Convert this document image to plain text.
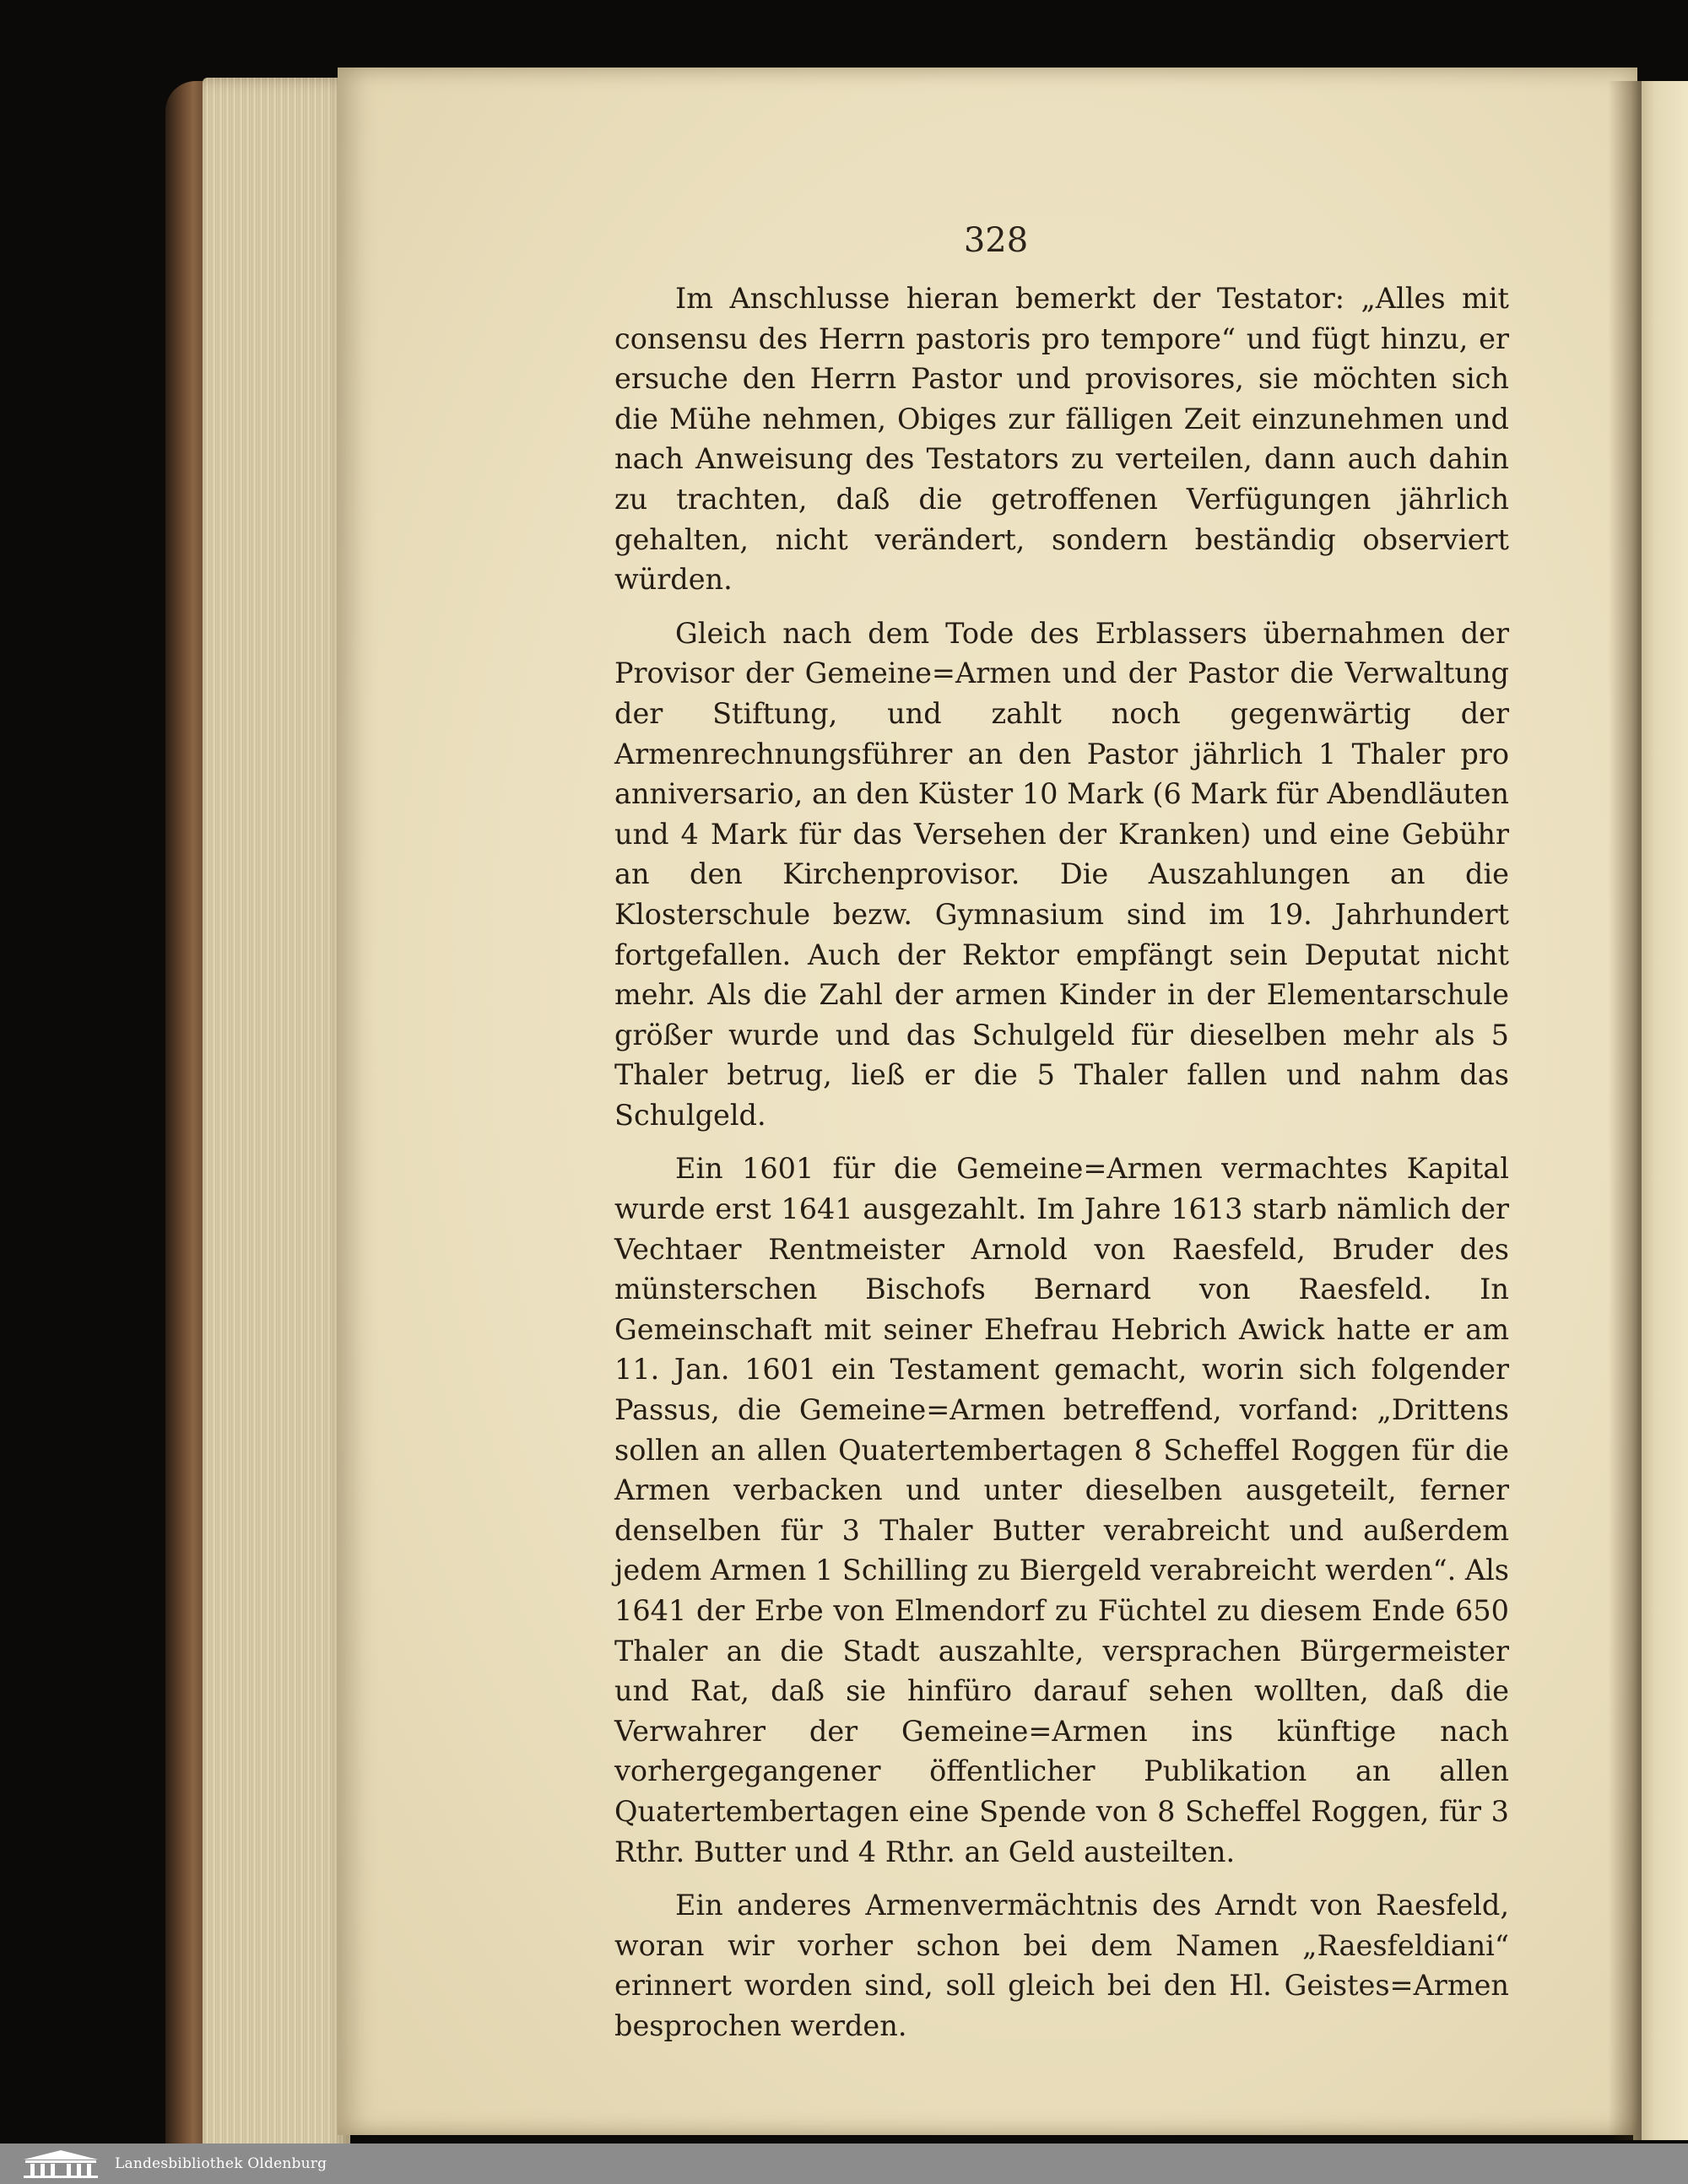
328

Im Anschlusse hieran bemerkt der Testator: „Alles mit consensu des Herrn pastoris pro tempore“ und fügt hinzu, er ersuche den Herrn Pastor und provisores, sie möchten sich die Mühe nehmen, Obiges zur fälligen Zeit einzunehmen und nach Anweisung des Testators zu verteilen, dann auch dahin zu trachten, daß die getroffenen Verfügungen jährlich gehalten, nicht verändert, sondern beständig observiert würden.

Gleich nach dem Tode des Erblassers übernahmen der Provisor der Gemeine=Armen und der Pastor die Verwaltung der Stiftung, und zahlt noch gegenwärtig der Armenrechnungsführer an den Pastor jährlich 1 Thaler pro anniversario, an den Küster 10 Mark (6 Mark für Abendläuten und 4 Mark für das Versehen der Kranken) und eine Gebühr an den Kirchenprovisor. Die Auszahlungen an die Klosterschule bezw. Gymnasium sind im 19. Jahrhundert fortgefallen. Auch der Rektor empfängt sein Deputat nicht mehr. Als die Zahl der armen Kinder in der Elementarschule größer wurde und das Schulgeld für dieselben mehr als 5 Thaler betrug, ließ er die 5 Thaler fallen und nahm das Schulgeld.

Ein 1601 für die Gemeine=Armen vermachtes Kapital wurde erst 1641 ausgezahlt. Im Jahre 1613 starb nämlich der Vechtaer Rentmeister Arnold von Raesfeld, Bruder des münsterschen Bischofs Bernard von Raesfeld. In Gemeinschaft mit seiner Ehefrau Hebrich Awick hatte er am 11. Jan. 1601 ein Testament gemacht, worin sich folgender Passus, die Gemeine=Armen betreffend, vorfand: „Drittens sollen an allen Quatertembertagen 8 Scheffel Roggen für die Armen verbacken und unter dieselben ausgeteilt, ferner denselben für 3 Thaler Butter verabreicht und außerdem jedem Armen 1 Schilling zu Biergeld verabreicht werden“. Als 1641 der Erbe von Elmendorf zu Füchtel zu diesem Ende 650 Thaler an die Stadt auszahlte, versprachen Bürgermeister und Rat, daß sie hinfüro darauf sehen wollten, daß die Verwahrer der Gemeine=Armen ins künftige nach vorhergegangener öffentlicher Publikation an allen Quatertembertagen eine Spende von 8 Scheffel Roggen, für 3 Rthr. Butter und 4 Rthr. an Geld austeilten.

Ein anderes Armenvermächtnis des Arndt von Raesfeld, woran wir vorher schon bei dem Namen „Raesfeldiani“ erinnert worden sind, soll gleich bei den Hl. Geistes=Armen besprochen werden.

Landesbibliothek Oldenburg
